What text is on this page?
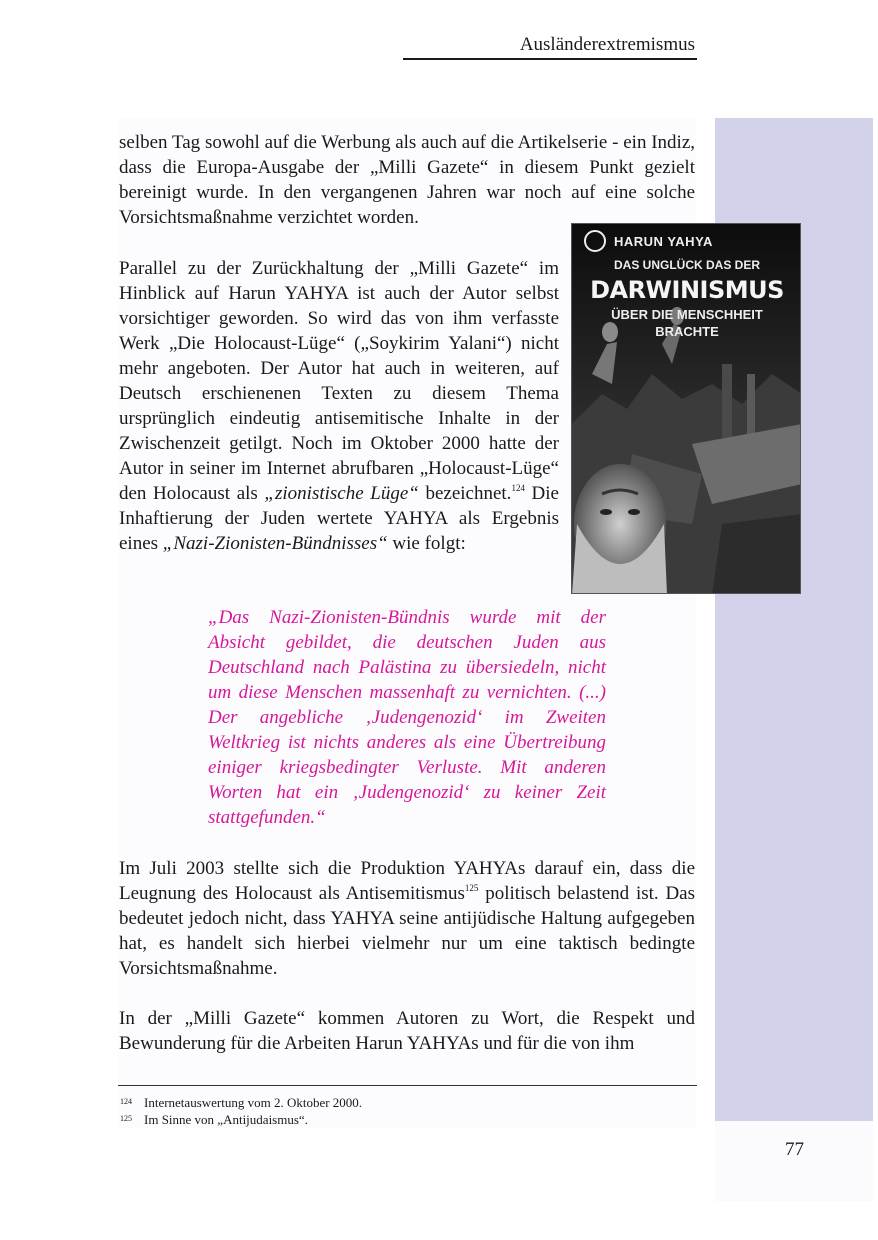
Ausländerextremismus

selben Tag sowohl auf die Werbung als auch auf die Artikelserie - ein Indiz, dass die Europa-Ausgabe der „Milli Gazete“ in diesem Punkt gezielt bereinigt wurde. In den vergangenen Jahren war noch auf eine solche Vorsichtsmaßnahme verzichtet worden.

Parallel zu der Zurückhaltung der „Milli Gazete“ im Hinblick auf Harun YAHYA ist auch der Autor selbst vorsichtiger geworden. So wird das von ihm verfasste Werk „Die Holocaust-Lüge“ („Soykirim Yalani“) nicht mehr angeboten. Der Autor hat auch in weiteren, auf Deutsch erschienenen Texten zu diesem Thema ursprünglich eindeutig antisemitische Inhalte in der Zwischenzeit getilgt. Noch im Oktober 2000 hatte der Autor in seiner im Internet abrufbaren „Holocaust-Lüge“ den Holocaust als „zionistische Lüge“ bezeichnet.$^{124}$ Die Inhaftierung der Juden wertete YAHYA als Ergebnis eines „Nazi-Zionisten-Bündnisses“ wie folgt:

HARUN YAHYA
DAS UNGLÜCK DAS DER
DARWINISMUS
ÜBER DIE MENSCHHEIT
BRACHTE

„Das Nazi-Zionisten-Bündnis wurde mit der Absicht gebildet, die deutschen Juden aus Deutschland nach Palästina zu übersiedeln, nicht um diese Menschen massenhaft zu vernichten. (...) Der angebliche ‚Judengenozid‘ im Zweiten Weltkrieg ist nichts anderes als eine Übertreibung einiger kriegsbedingter Verluste. Mit anderen Worten hat ein ‚Judengenozid‘ zu keiner Zeit stattgefunden.“

Im Juli 2003 stellte sich die Produktion YAHYAs darauf ein, dass die Leugnung des Holocaust als Antisemitismus$^{125}$ politisch belastend ist. Das bedeutet jedoch nicht, dass YAHYA seine antijüdische Haltung aufgegeben hat, es handelt sich hierbei vielmehr nur um eine taktisch bedingte Vorsichtsmaßnahme.

In der „Milli Gazete“ kommen Autoren zu Wort, die Respekt und Bewunderung für die Arbeiten Harun YAHYAs und für die von ihm

124 Internetauswertung vom 2. Oktober 2000.

125 Im Sinne von „Antijudaismus“.

77
